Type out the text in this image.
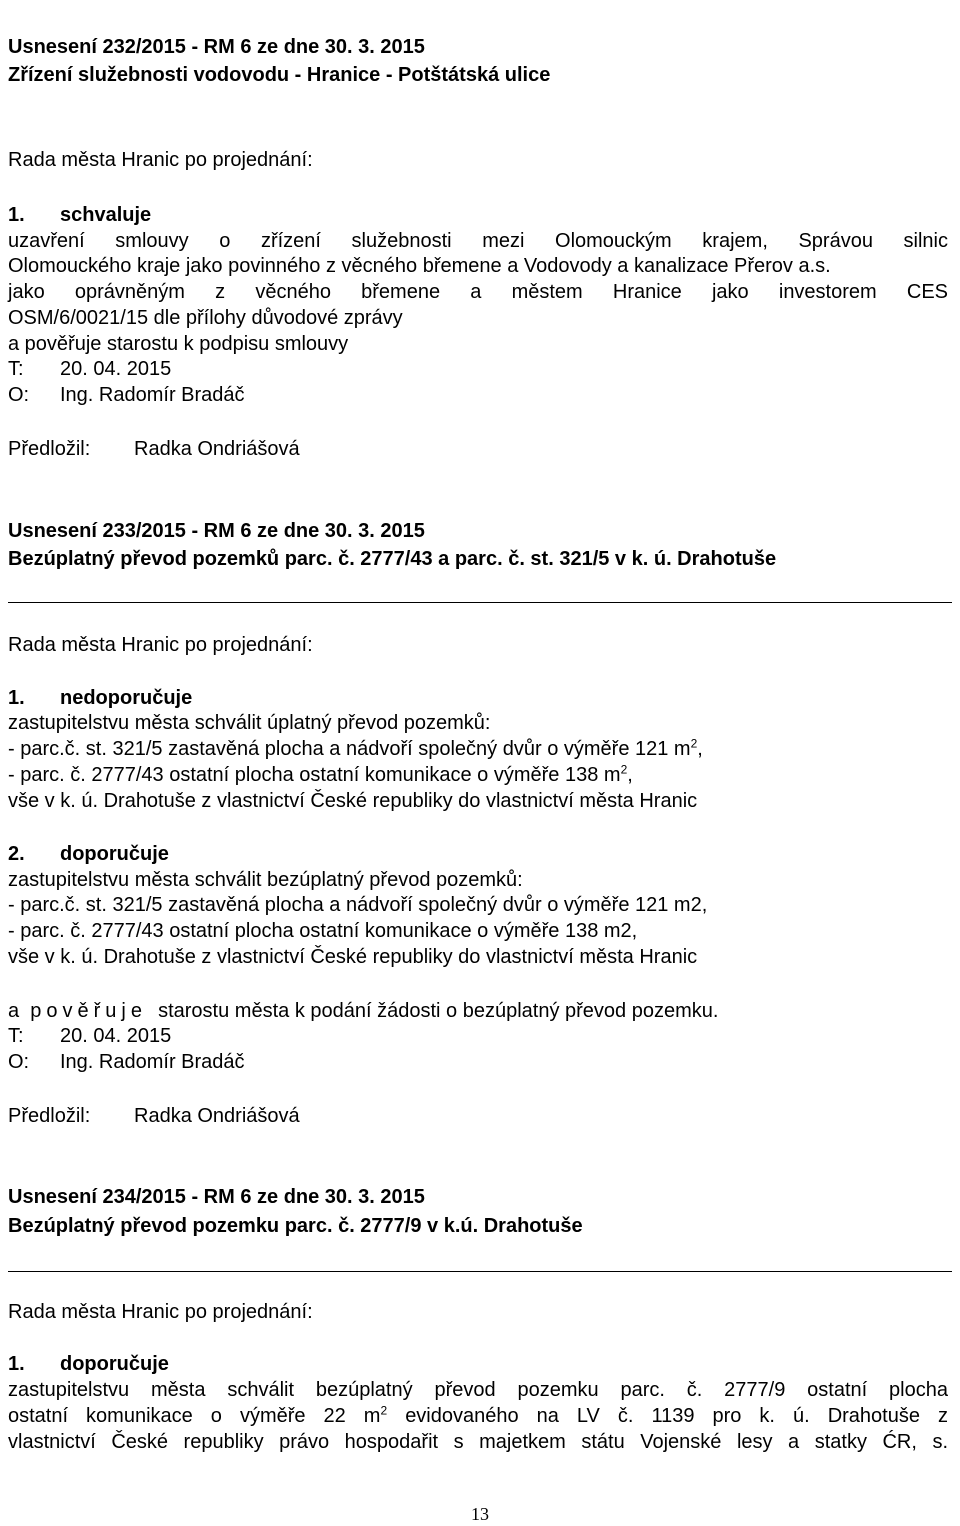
Usnesení 232/2015 - RM 6 ze dne 30. 3. 2015
Zřízení služebnosti vodovodu - Hranice - Potštátská ulice
Rada města Hranic po projednání:
1. schvaluje
uzavření smlouvy o zřízení služebnosti mezi Olomouckým krajem, Správou silnic
Olomouckého kraje jako povinného z věcného břemene a Vodovody a kanalizace Přerov a.s.
jako oprávněným z věcného břemene a městem Hranice jako investorem CES
OSM/6/0021/15 dle přílohy důvodové zprávy
a pověřuje starostu k podpisu smlouvy
T: 20. 04. 2015
O: Ing. Radomír Bradáč
Předložil: Radka Ondriášová
Usnesení 233/2015 - RM 6 ze dne 30. 3. 2015
Bezúplatný převod pozemků parc. č. 2777/43 a parc. č. st. 321/5 v k. ú. Drahotuše
Rada města Hranic po projednání:
1. nedoporučuje
zastupitelstvu města schválit úplatný převod pozemků:
- parc.č. st. 321/5 zastavěná plocha a nádvoří společný dvůr o výměře 121 $m^2$,
- parc. č. 2777/43 ostatní plocha ostatní komunikace o výměře 138 $m^2$,
vše v k. ú. Drahotuše z vlastnictví České republiky do vlastnictví města Hranic
2. doporučuje
zastupitelstvu města schválit bezúplatný převod pozemků:
- parc.č. st. 321/5 zastavěná plocha a nádvoří společný dvůr o výměře 121 m2,
- parc. č. 2777/43 ostatní plocha ostatní komunikace o výměře 138 m2,
vše v k. ú. Drahotuše z vlastnictví České republiky do vlastnictví města Hranic
a pověřuje starostu města k podání žádosti o bezúplatný převod pozemku.
T: 20. 04. 2015
O: Ing. Radomír Bradáč
Předložil: Radka Ondriášová
Usnesení 234/2015 - RM 6 ze dne 30. 3. 2015
Bezúplatný převod pozemku parc. č. 2777/9 v k.ú. Drahotuše
Rada města Hranic po projednání:
1. doporučuje
zastupitelstvu města schválit bezúplatný převod pozemku parc. č. 2777/9 ostatní plocha
ostatní komunikace o výměře 22 $m^2$ evidovaného na LV č. 1139 pro k. ú. Drahotuše z
vlastnictví České republiky právo hospodařit s majetkem státu Vojenské lesy a statky ĆR, s.
13
